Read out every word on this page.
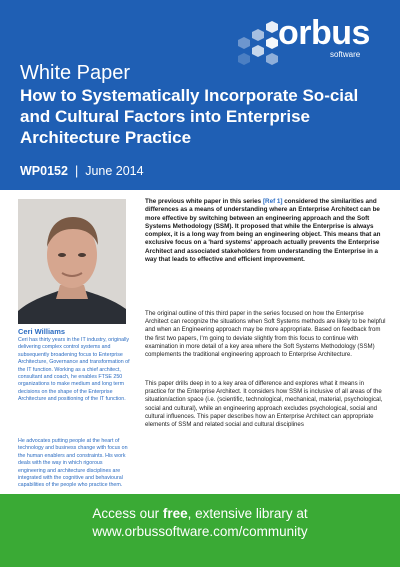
orbus
software
White Paper
How to Systematically Incorporate So-cial and Cultural Factors into Enterprise Architecture Practice
WP0152 | June 2014
Ceri Williams
Ceri has thirty years in the IT industry, originally delivering complex control systems and subsequently broadening focus to Enterprise Architecture, Governance and transformation of the IT function. Working as a chief architect, consultant and coach, he enables FTSE 250 organizations to make medium and long term decisions on the shape of the Enterprise Architecture and positioning of the IT function.
He advocates putting people at the heart of technology and business change with focus on the human enablers and constraints. His work deals with the way in which rigorous engineering and architecture disciplines are integrated with the cognitive and behavioural capabilities of the people who practice them.
The previous white paper in this series [Ref 1] considered the similarities and differences as a means of understanding where an Enterprise Architect can be more effective by switching between an engineering approach and the Soft Systems Methodology (SSM). It proposed that while the Enterprise is always complex, it is a long way from being an engineering object. This means that an exclusive focus on a 'hard systems' approach actually prevents the Enterprise Architect and associated stakeholders from understanding the Enterprise in a way that leads to effective and efficient improvement.
The original outline of this third paper in the series focused on how the Enterprise Architect can recognize the situations when Soft Systems methods are likely to be helpful and when an Engineering approach may be more appropriate. Based on feedback from the first two papers, I'm going to deviate slightly from this focus to continue with examination in more detail of a key area where the Soft Systems Methodology (SSM) complements the traditional engineering approach to Enterprise Architecture.
This paper drills deep in to a key area of difference and explores what it means in practice for the Enterprise Architect. It considers how SSM is inclusive of all areas of the situation/action space (i.e. (scientific, technological, mechanical, material, psychological, social and cultural), while an engineering approach excludes psychological, social and cultural influences. This paper describes how an Enterprise Architect can appropriate elements of SSM and related social and cultural disciplines
Access our free, extensive library at
www.orbussoftware.com/community
